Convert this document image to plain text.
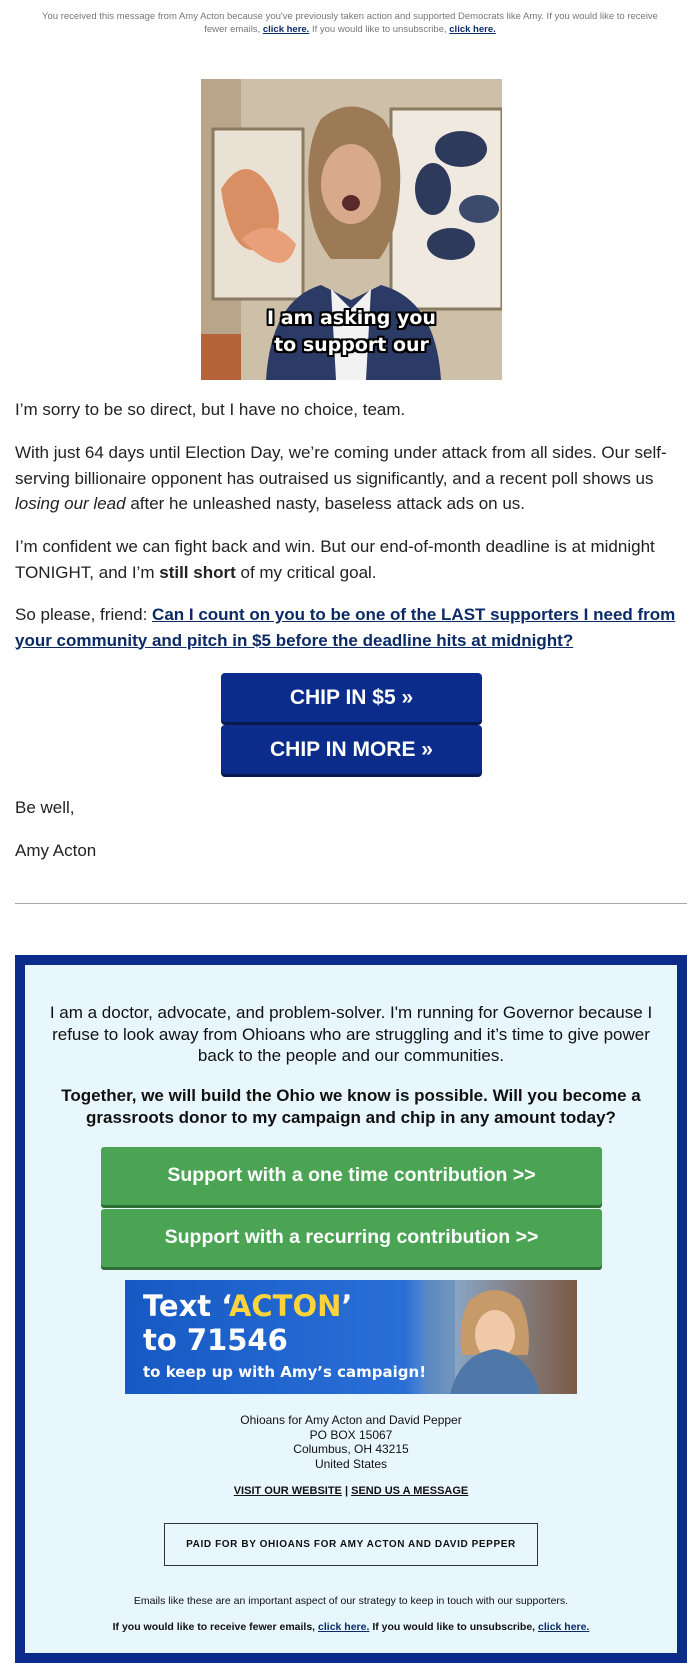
You received this message from Amy Acton because you've previously taken action and supported Democrats like Amy. If you would like to receive fewer emails, click here. If you would like to unsubscribe, click here.
I am asking you
to support our

I’m sorry to be so direct, but I have no choice, team.

With just 64 days until Election Day, we’re coming under attack from all sides. Our self-serving billionaire opponent has outraised us significantly, and a recent poll shows us losing our lead after he unleashed nasty, baseless attack ads on us.

I’m confident we can fight back and win. But our end-of-month deadline is at midnight TONIGHT, and I’m still short of my critical goal.

So please, friend: Can I count on you to be one of the LAST supporters I need from your community and pitch in $5 before the deadline hits at midnight?

CHIP IN $5 »
CHIP IN MORE »

Be well,

Amy Acton

I am a doctor, advocate, and problem-solver. I'm running for Governor because I refuse to look away from Ohioans who are struggling and it’s time to give power back to the people and our communities.
Together, we will build the Ohio we know is possible. Will you become a grassroots donor to my campaign and chip in any amount today?
Support with a one time contribution >>
Support with a recurring contribution >>
Text ‘ACTON’
to 71546
to keep up with Amy’s campaign!
Ohioans for Amy Acton and David Pepper
PO BOX 15067
Columbus, OH 43215
United States
VISIT OUR WEBSITE | SEND US A MESSAGE
PAID FOR BY OHIOANS FOR AMY ACTON AND DAVID PEPPER
Emails like these are an important aspect of our strategy to keep in touch with our supporters.
If you would like to receive fewer emails, click here. If you would like to unsubscribe, click here.
